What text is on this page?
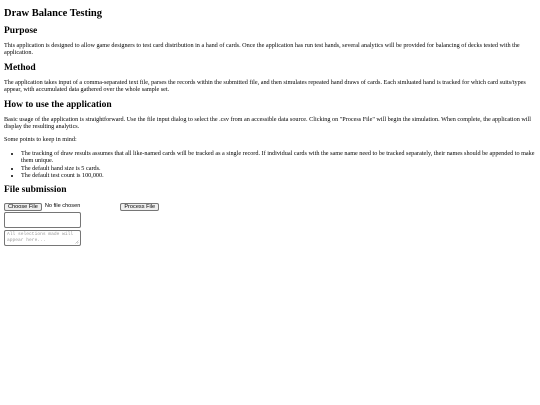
Draw Balance Testing
Purpose

This application is designed to allow game designers to test card distribution in a hand of cards. Once the application has run test hands, several analytics will be provided for balancing of decks tested with the application.

Method

The application takes input of a comma-separated text file, parses the records within the submitted file, and then simulates repeated hand draws of cards. Each simluated hand is tracked for which card suits/types appear, with accumulated data gathered over the whole sample set.

How to use the application

Basic usage of the application is straightforward. Use the file input dialog to select the .csv from an accessible data source. Clicking on "Process File" will begin the simulation. When complete, the application will display the resulting analytics.

Some points to keep in mind:

• The tracking of draw results assumes that all like-named cards will be tracked as a single record. If individual cards with the same name need to be tracked separately, their names should be appended to make them unique.
• The default hand size is 5 cards.
• The default test count is 100,000.
File submission
Choose File	No file chosen	Process File
All selections made will appear here...
